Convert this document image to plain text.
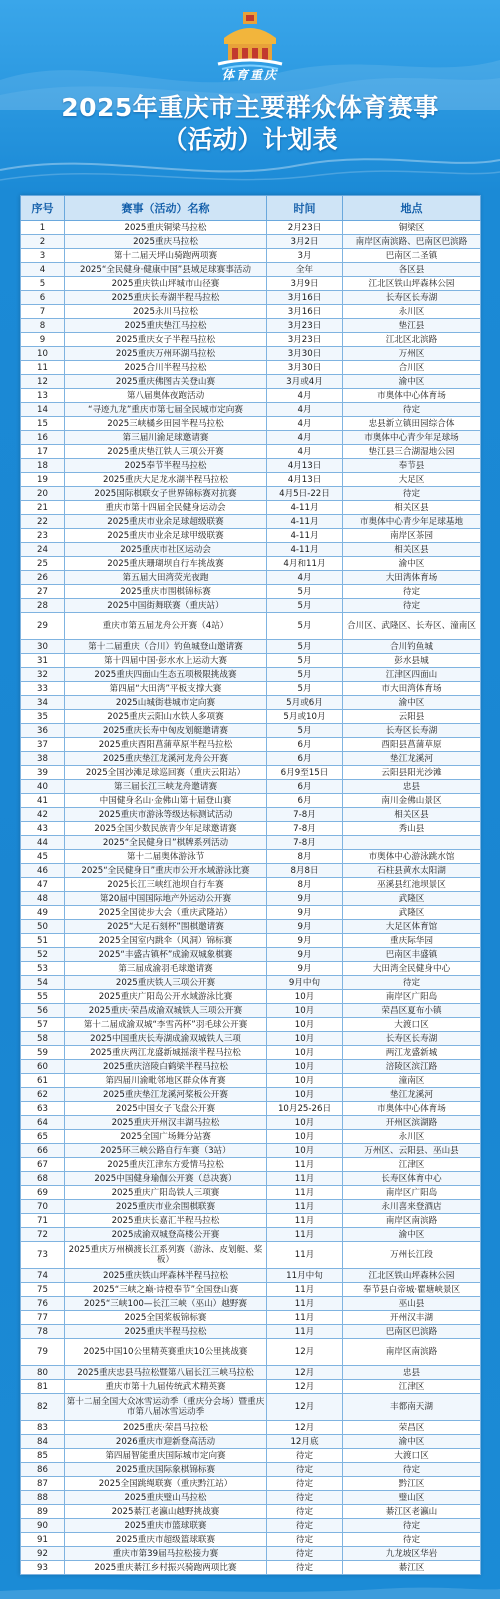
体育重庆
2025年重庆市主要群众体育赛事
（活动）计划表
序号	赛事（活动）名称	时间	地点
1	2025重庆铜梁马拉松	2月23日	铜梁区
2	2025重庆马拉松	3月2日	南岸区南滨路、巴南区巴滨路
3	第十二届天坪山骑跑两项赛	3月	巴南区二圣镇
4	2025“全民健身·健康中国”县域足球赛事活动	全年	各区县
5	2025重庆铁山坪城市山径赛	3月9日	江北区铁山坪森林公园
6	2025重庆长寿湖半程马拉松	3月16日	长寿区长寿湖
7	2025永川马拉松	3月16日	永川区
8	2025重庆垫江马拉松	3月23日	垫江县
9	2025重庆女子半程马拉松	3月23日	江北区北滨路
10	2025重庆万州环湖马拉松	3月30日	万州区
11	2025合川半程马拉松	3月30日	合川区
12	2025重庆佛图古关登山赛	3月或4月	渝中区
13	第八届奥体夜跑活动	4月	市奥体中心体育场
14	“寻迹九龙”重庆市第七届全民城市定向赛	4月	待定
15	2025三峡橘乡田园半程马拉松	4月	忠县新立镇田园综合体
16	第三届川渝足球邀请赛	4月	市奥体中心青少年足球场
17	2025重庆垫江铁人三项公开赛	4月	垫江县三合湖湿地公园
18	2025奉节半程马拉松	4月13日	奉节县
19	2025重庆大足龙水湖半程马拉松	4月13日	大足区
20	2025国际棋联女子世界锦标赛对抗赛	4月5日-22日	待定
21	重庆市第十四届全民健身运动会	4-11月	相关区县
22	2025重庆市业余足球超级联赛	4-11月	市奥体中心青少年足球基地
23	2025重庆市业余足球甲级联赛	4-11月	南岸区茶园
24	2025重庆市社区运动会	4-11月	相关区县
25	2025重庆珊瑚坝自行车挑战赛	4月和11月	渝中区
26	第五届大田湾荧光夜跑	4月	大田湾体育场
27	2025重庆市围棋锦标赛	5月	待定
28	2025中国街舞联赛（重庆站）	5月	待定
29	重庆市第五届龙舟公开赛（4站）	5月	合川区、武隆区、长寿区、潼南区
30	第十二届重庆（合川）钓鱼城登山邀请赛	5月	合川钓鱼城
31	第十四届中国·彭水水上运动大赛	5月	彭水县城
32	2025重庆四面山生态五项极限挑战赛	5月	江津区四面山
33	第四届“大田湾”平板支撑大赛	5月	市大田湾体育场
34	2025山城街巷城市定向赛	5月或6月	渝中区
35	2025重庆云阳山水铁人多项赛	5月或10月	云阳县
36	2025重庆长寿中匈皮划艇邀请赛	5月	长寿区长寿湖
37	2025重庆酉阳菖蒲草原半程马拉松	6月	酉阳县菖蒲草原
38	2025重庆垫江龙溪河龙舟公开赛	6月	垫江龙溪河
39	2025全国沙滩足球巡回赛（重庆云阳站）	6月9至15日	云阳县阳光沙滩
40	第三届长江三峡龙舟邀请赛	6月	忠县
41	中国健身名山·金佛山第十届登山赛	6月	南川金佛山景区
42	2025重庆市游泳等级达标测试活动	7-8月	相关区县
43	2025全国少数民族青少年足球邀请赛	7-8月	秀山县
44	2025“全民健身日”棋牌系列活动	7-8月	
45	第十二届奥体游泳节	8月	市奥体中心游泳跳水馆
46	2025“全民健身日”重庆市公开水域游泳比赛	8月8日	石柱县黄水太阳湖
47	2025长江三峡红池坝自行车赛	8月	巫溪县红池坝景区
48	第20届中国国际地产外运动公开赛	9月	武隆区
49	2025全国徒步大会（重庆武隆站）	9月	武隆区
50	2025“大足石刻杯”围棋邀请赛	9月	大足区体育馆
51	2025全国室内跳伞（风洞）锦标赛	9月	重庆际华园
52	2025“丰盛古镇杯”成渝双城象棋赛	9月	巴南区丰盛镇
53	第三届成渝羽毛球邀请赛	9月	大田湾全民健身中心
54	2025重庆铁人三项公开赛	9月中旬	待定
55	2025重庆广阳岛公开水域游泳比赛	10月	南岸区广阳岛
56	2025重庆·荣昌成渝双城铁人三项公开赛	10月	荣昌区夏布小镇
57	第十二届成渝双城“李雪芮杯”羽毛球公开赛	10月	大渡口区
58	2025中国重庆长寿湖成渝双城铁人三项	10月	长寿区长寿湖
59	2025重庆两江龙盛新城摇滚半程马拉松	10月	两江龙盛新城
60	2025重庆涪陵白鹤梁半程马拉松	10月	涪陵区滨江路
61	第四届川渝毗邻地区群众体育赛	10月	潼南区
62	2025重庆垫江龙溪河桨板公开赛	10月	垫江龙溪河
63	2025中国女子飞盘公开赛	10月25-26日	市奥体中心体育场
64	2025重庆开州汉丰湖马拉松	10月	开州区滨湖路
65	2025全国广场舞分站赛	10月	永川区
66	2025环三峡公路自行车赛（3站）	10月	万州区、云阳县、巫山县
67	2025重庆江津东方爱情马拉松	11月	江津区
68	2025中国健身瑜伽公开赛（总决赛）	11月	长寿区体育中心
69	2025重庆广阳岛铁人三项赛	11月	南岸区广阳岛
70	2025重庆市业余围棋联赛	11月	永川喜来登酒店
71	2025重庆长嘉汇半程马拉松	11月	南岸区南滨路
72	2025成渝双城登高楼公开赛	11月	渝中区
73	2025重庆万州横渡长江系列赛（游泳、皮划艇、桨板）	11月	万州长江段
74	2025重庆铁山坪森林半程马拉松	11月中旬	江北区铁山坪森林公园
75	2025“三峡之巅·诗橙奉节”全国登山赛	11月	奉节县白帝城·瞿塘峡景区
76	2025“三峡100—长江三峡（巫山）越野赛	11月	巫山县
77	2025全国桨板锦标赛	11月	开州汉丰湖
78	2025重庆半程马拉松	11月	巴南区巴滨路
79	2025中国10公里精英赛重庆10公里挑战赛	12月	南岸区南滨路
80	2025重庆忠县马拉松暨第八届长江三峡马拉松	12月	忠县
81	重庆市第十九届传统武术精英赛	12月	江津区
82	第十二届全国大众冰雪运动季（重庆分会场）暨重庆市第八届冰雪运动季	12月	丰都南天湖
83	2025重庆·荣昌马拉松	12月	荣昌区
84	2026重庆市迎新登高活动	12月底	渝中区
85	第四届智能重庆国际城市定向赛	待定	大渡口区
86	2025重庆国际象棋锦标赛	待定	待定
87	2025全国跳绳联赛（重庆黔江站）	待定	黔江区
88	2025重庆璧山马拉松	待定	璧山区
89	2025綦江老瀛山越野挑战赛	待定	綦江区老瀛山
90	2025重庆市篮球联赛	待定	待定
91	2025重庆市超级篮球联赛	待定	待定
92	重庆市第39届马拉松接力赛	待定	九龙坡区华岩
93	2025重庆綦江乡村振兴骑跑两项比赛	待定	綦江区
